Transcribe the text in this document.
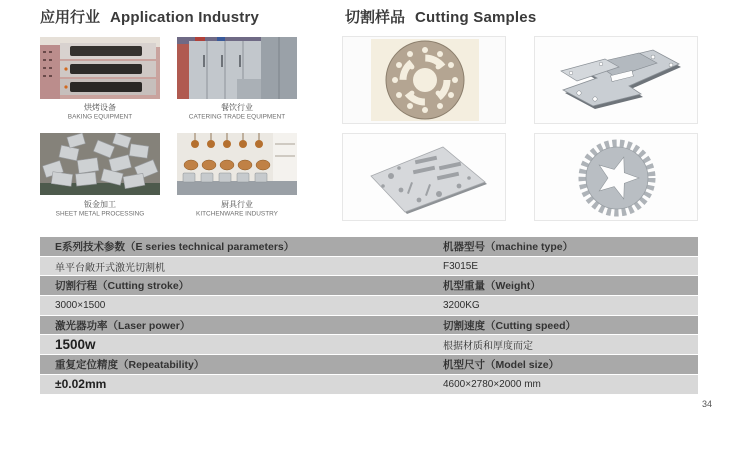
应用行业 Application Industry	切割样品 Cutting Samples
烘烤设备
BAKING EQUIPMENT
餐饮行业
CATERING TRADE EQUIPMENT
钣金加工
SHEET METAL PROCESSING
厨具行业
KITCHENWARE INDUSTRY
E系列技术参数（E series technical parameters）	机器型号（machine type）
单平台敞开式激光切割机	F3015E
切割行程（Cutting stroke）	机型重量（Weight）
3000×1500	3200KG
激光器功率（Laser power）	切割速度（Cutting speed）
1500w	根据材质和厚度而定
重复定位精度（Repeatability）	机型尺寸（Model size）
±0.02mm	4600×2780×2000 mm
34
